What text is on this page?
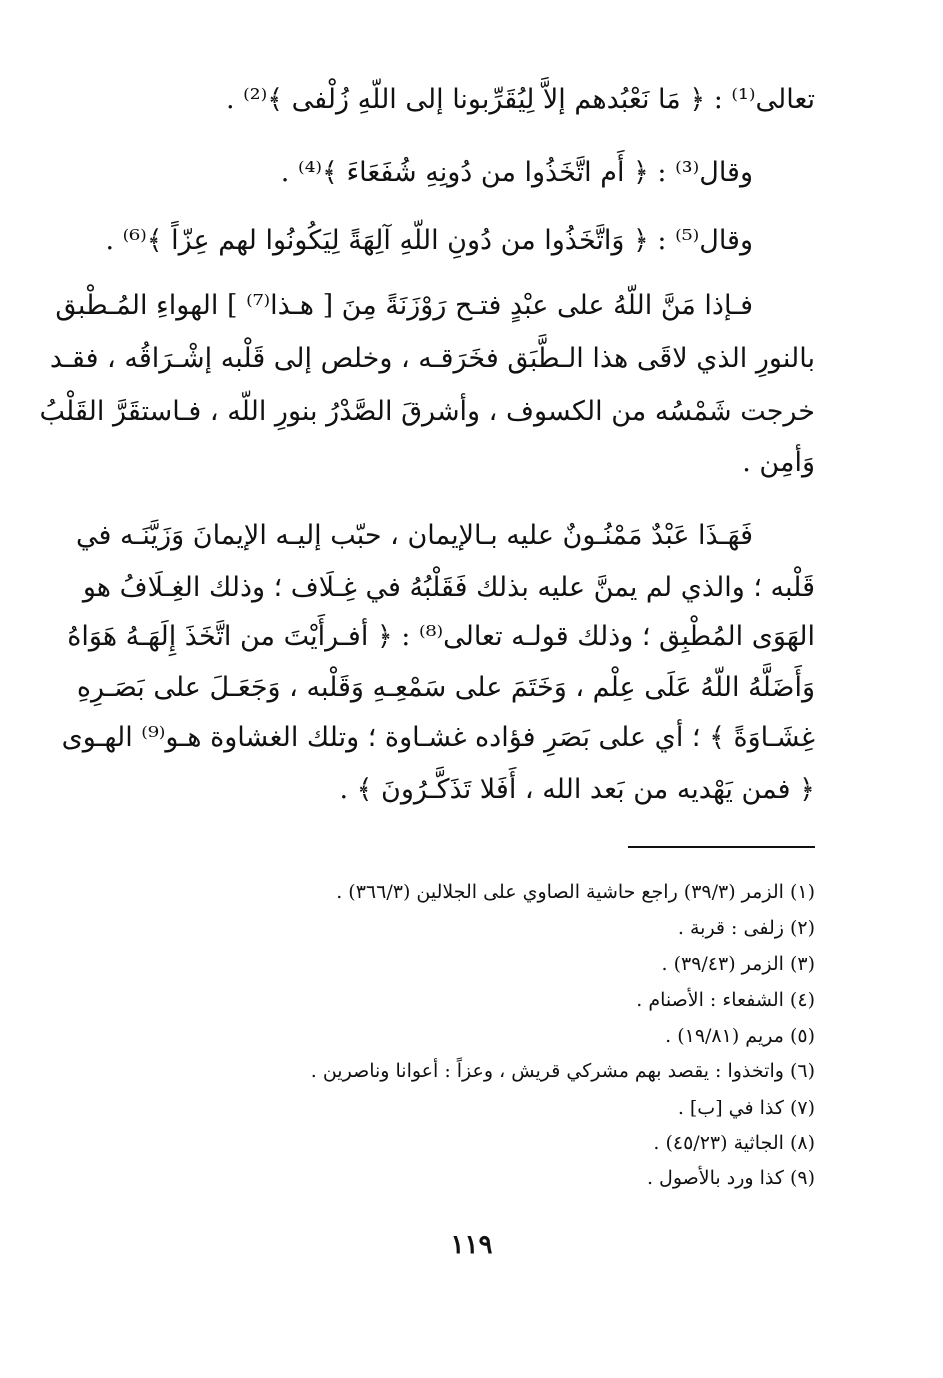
تعالى⁽¹⁾ : ﴿ مَا نَعْبُدهم إلاَّ لِيُقَرِّبونا إلى اللّهِ زُلْفى ﴾⁽²⁾ .
وقال⁽³⁾ : ﴿ أَم اتَّخَذُوا من دُونِهِ شُفَعَاءَ ﴾⁽⁴⁾ .
وقال⁽⁵⁾ : ﴿ وَاتَّخَذُوا من دُونِ اللّهِ آلِهَةً لِيَكُونُوا لهم عِزّاً ﴾⁽⁶⁾ .
فـإذا مَنَّ اللّهُ على عبْدٍ فتـح رَوْزَنَةً مِنَ [ هـذا⁽⁷⁾ ] الهواءِ المُـطْبق
بالنورِ الذي لاقَى هذا الـطَّبَق فخَرَقـه ، وخلص إلى قَلْبه إشْـرَاقُه ، فقـد
خرجت شَمْسُه من الكسوف ، وأشرقَ الصَّدْرُ بنورِ اللّه ، فـاستقَرَّ القَلْبُ
وَأمِن .
فَهَـذَا عَبْدٌ مَمْنُـونٌ عليه بـالإيمان ، حبّب إليـه الإيمانَ وَزَيَّنَـه في
قَلْبه ؛ والذي لم يمنَّ عليه بذلك فَقَلْبُهُ في غِـلَاف ؛ وذلك الغِـلَافُ هو
الهَوَى المُطْبِق ؛ وذلك قولـه تعالى⁽⁸⁾ : ﴿ أفـرأَيْتَ من اتَّخَذَ إِلَهَـهُ هَوَاهُ
وَأَضَلَّهُ اللّهُ عَلَى عِلْم ، وَخَتَمَ على سَمْعِـهِ وَقَلْبه ، وَجَعَـلَ على بَصَـرِهِ
غِشَـاوَةً ﴾ ؛ أي على بَصَرِ فؤاده غشـاوة ؛ وتلك الغشاوة هـو⁽⁹⁾ الهـوى
﴿ فمن يَهْديه من بَعد الله ، أَفَلا تَذَكَّـرُونَ ﴾ .
(١) الزمر (٣٩/٣) راجع حاشية الصاوي على الجلالين (٣٦٦/٣) .
(٢) زلفى : قربة .
(٣) الزمر (٣٩/٤٣) .
(٤) الشفعاء : الأصنام .
(٥) مريم (١٩/٨١) .
(٦) واتخذوا : يقصد بهم مشركي قريش ، وعزاً : أعوانا وناصرين .
(٧) كذا في [ب] .
(٨) الجاثية (٤٥/٢٣) .
(٩) كذا ورد بالأصول .
١١٩
